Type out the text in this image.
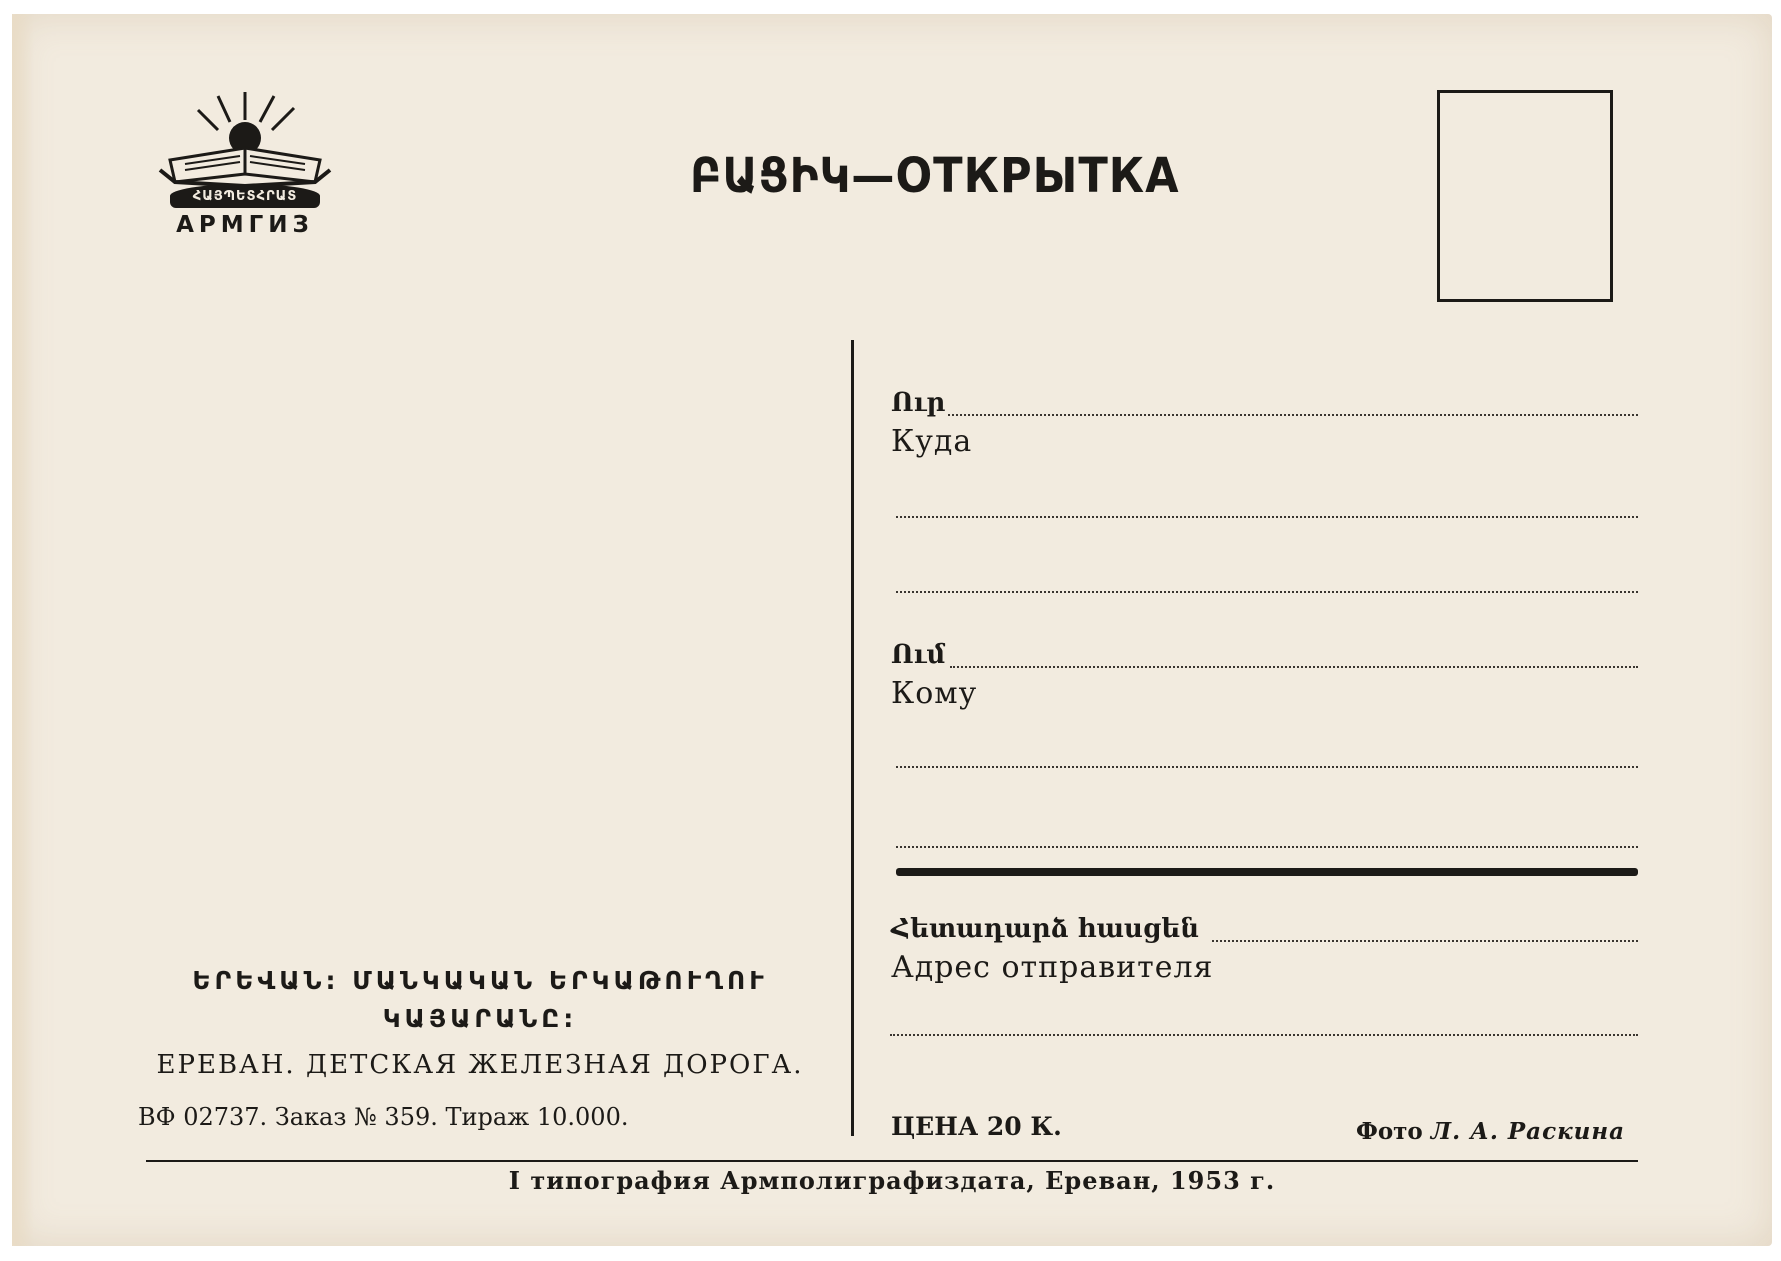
ՀԱՅՊԵՏՀՐԱՏ
АРМГИЗ
ԲԱՑԻԿ—ОТКРЫТКА
Ուր
Куда
Ում
Кому
Հետադարձ հասցեն
Адрес отправителя
ԵՐԵՎԱՆ: ՄԱՆԿԱԿԱՆ ԵՐԿԱԹՈՒՂՈՒ
ԿԱՅԱՐԱՆԸ:
ЕРЕВАН. ДЕТСКАЯ ЖЕЛЕЗНАЯ ДОРОГА.
ВФ 02737. Заказ № 359. Тираж 10.000.	ЦЕНА 20 К.	Фото Л. А. Раскина
I типография Армполиграфиздата, Ереван, 1953 г.
